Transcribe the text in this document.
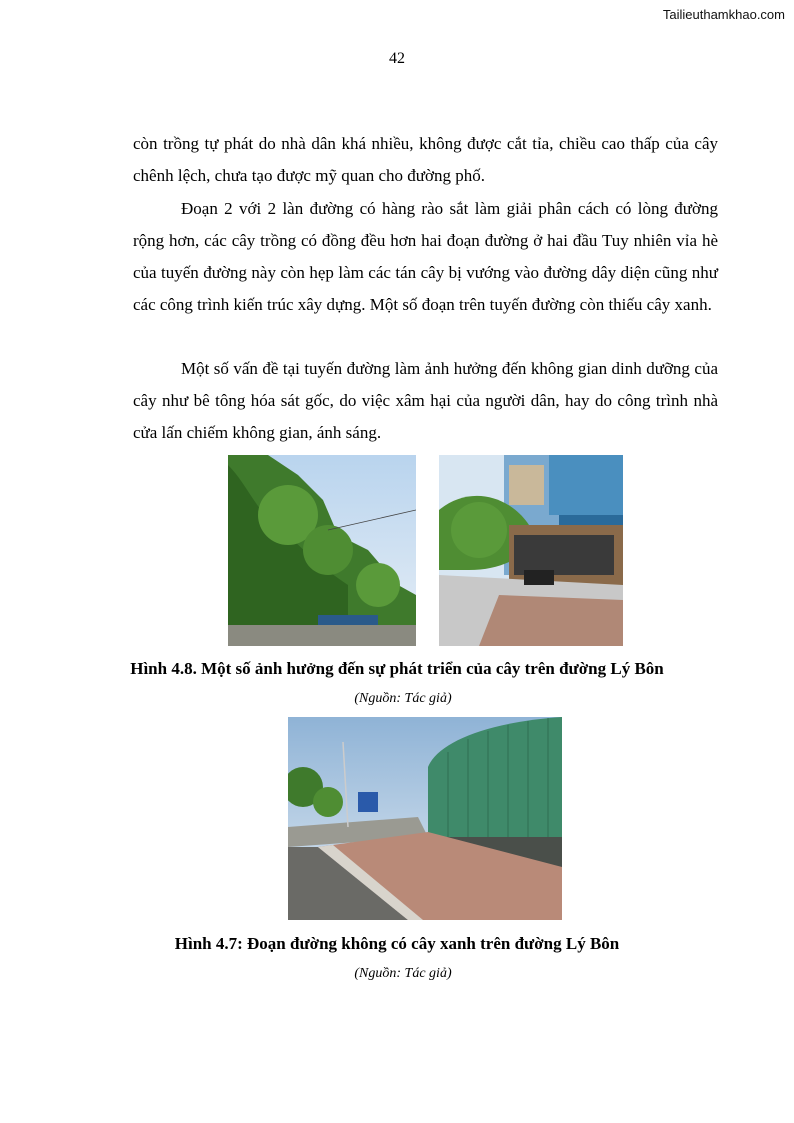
Tailieuthamkhao.com
42

còn trồng tự phát do nhà dân khá nhiều, không được cắt tỉa, chiều cao thấp của cây chênh lệch, chưa tạo được mỹ quan cho đường phố.

Đoạn 2 với 2 làn đường có hàng rào sắt làm giải phân cách có lòng đường rộng hơn, các cây trồng có đồng đều hơn hai đoạn đường ở hai đầu Tuy nhiên vỉa hè của tuyến đường này còn hẹp làm các tán cây bị vướng vào đường dây diện cũng như các công trình kiến trúc xây dựng. Một số đoạn trên tuyến đường còn thiếu cây xanh.

Một số vấn đề tại tuyến đường làm ảnh hưởng đến không gian dinh dưỡng của cây như bê tông hóa sát gốc, do việc xâm hại của người dân, hay do công trình nhà cửa lấn chiếm không gian, ánh sáng.

Hình 4.8. Một số ảnh hưởng đến sự phát triển của cây trên đường Lý Bôn
(Nguồn: Tác giả)
Hình 4.7: Đoạn đường không có cây xanh trên đường Lý Bôn
(Nguồn: Tác giả)
